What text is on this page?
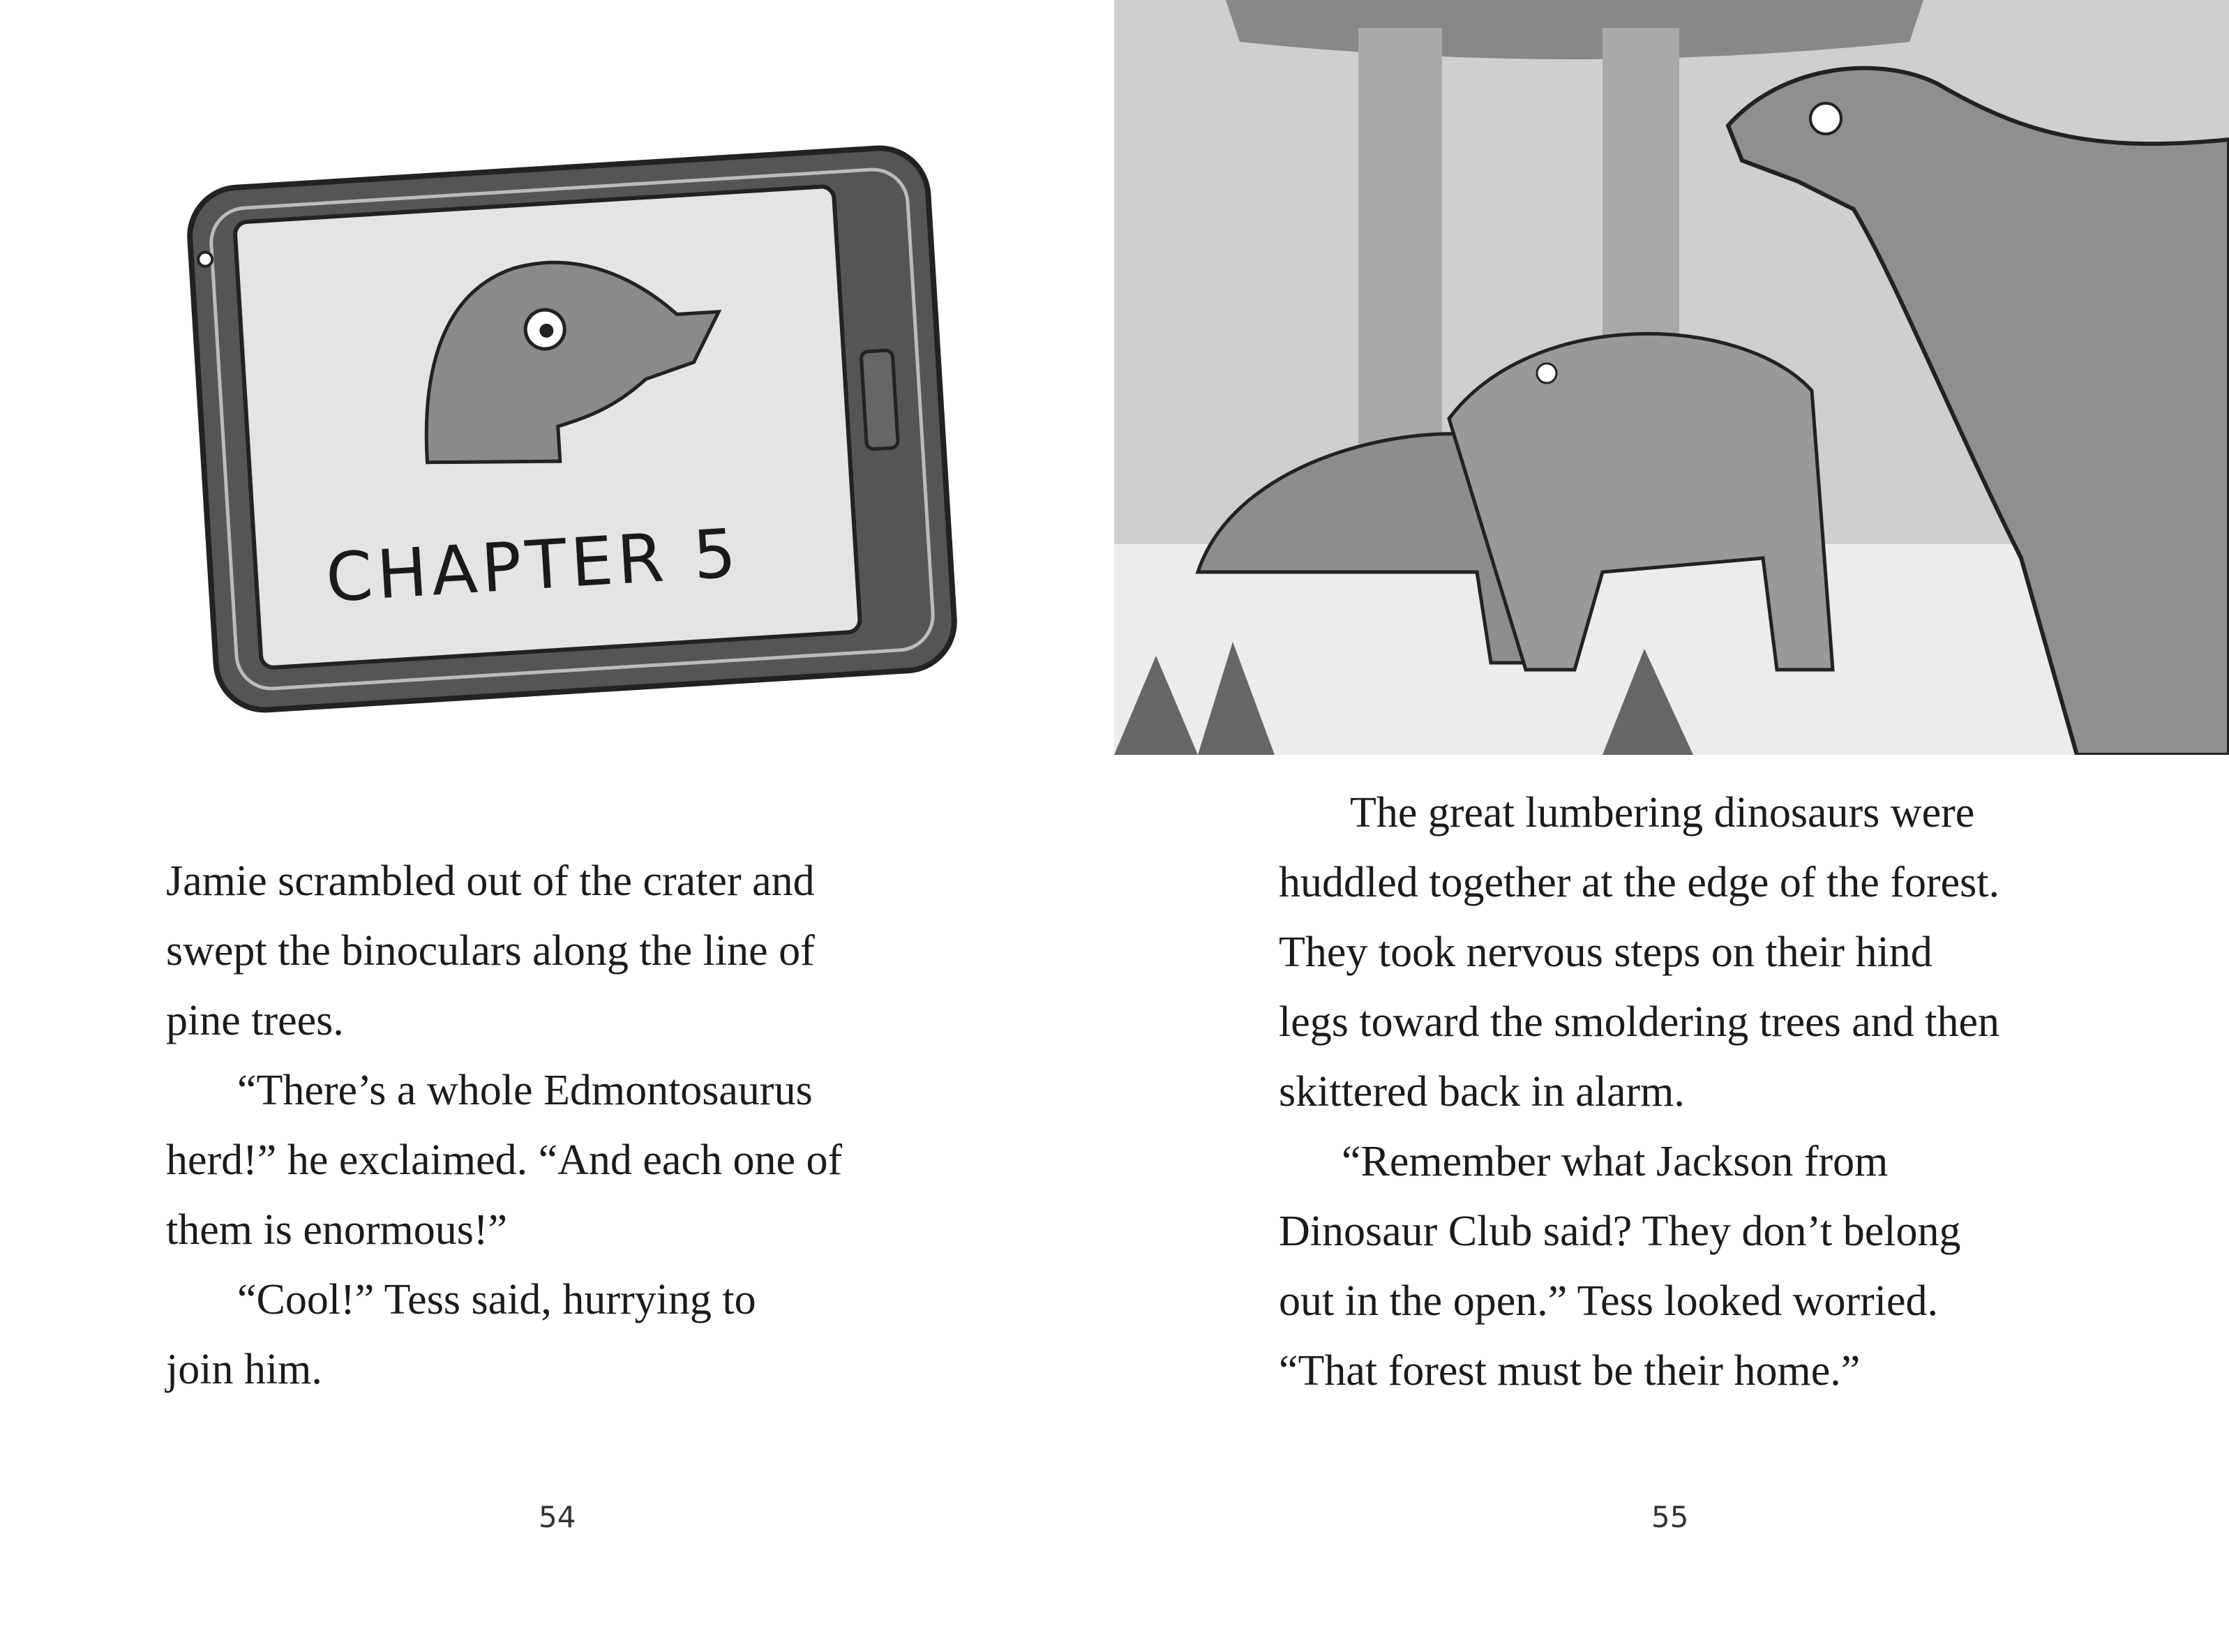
CHAPTER 5
Jamie scrambled out of the crater and
swept the binoculars along the line of
pine trees.
“There’s a whole Edmontosaurus
herd!” he exclaimed. “And each one of
them is enormous!”
“Cool!” Tess said, hurrying to
join him.
54
The great lumbering dinosaurs were
huddled together at the edge of the forest.
They took nervous steps on their hind
legs toward the smoldering trees and then
skittered back in alarm.
“Remember what Jackson from
Dinosaur Club said? They don’t belong
out in the open.” Tess looked worried.
“That forest must be their home.”
55
